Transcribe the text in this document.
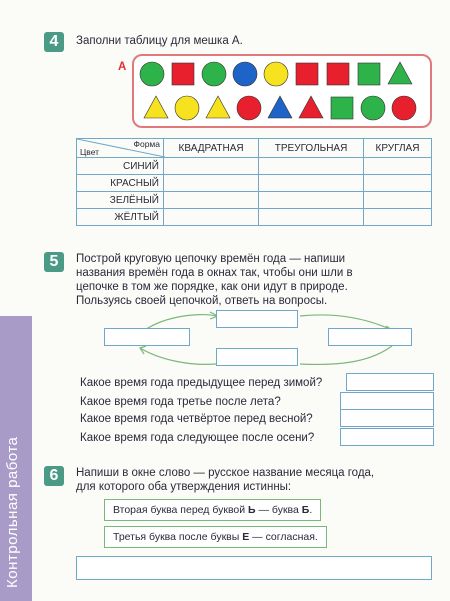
Контрольная работа
4	Заполни таблицу для мешка А.
А
Форма
Цвет	КВАДРАТНАЯ	ТРЕУГОЛЬНАЯ	КРУГЛАЯ
СИНИЙ			
КРАСНЫЙ			
ЗЕЛЁНЫЙ			
ЖЁЛТЫЙ			
5	Построй круговую цепочку времён года — напиши
названия времён года в окнах так, чтобы они шли в
цепочке в том же порядке, как они идут в природе.
Пользуясь своей цепочкой, ответь на вопросы.
Какое время года предыдущее перед зимой?
Какое время года третье после лета?
Какое время года четвёртое перед весной?
Какое время года следующее после осени?
6	Напиши в окне слово — русское название месяца года,
для которого оба утверждения истинны:
Вторая буква перед буквой Ь — буква Б.
Третья буква после буквы Е — согласная.
